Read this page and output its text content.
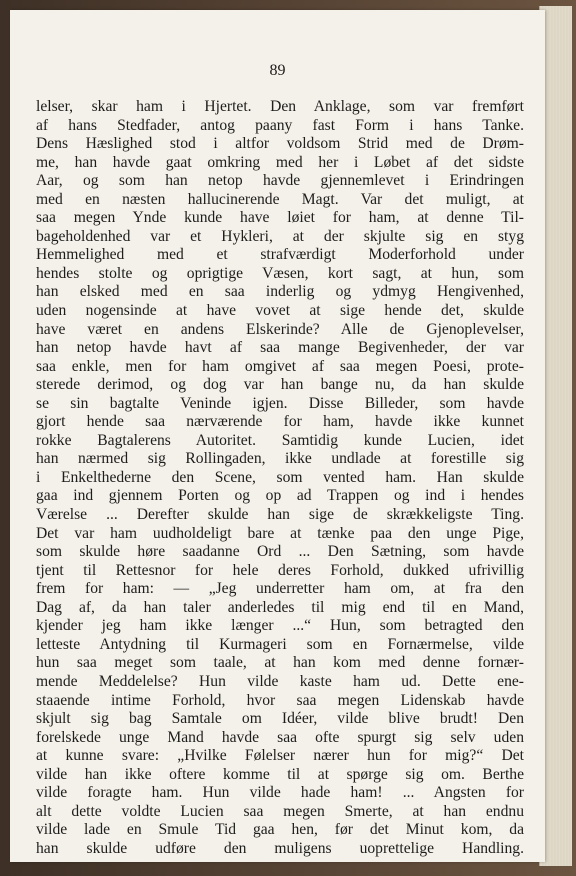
89

lelser, skar ham i Hjertet. Den Anklage, som var fremført
af hans Stedfader, antog paany fast Form i hans Tanke.
Dens Hæslighed stod i altfor voldsom Strid med de Drøm-
me, han havde gaat omkring med her i Løbet af det sidste
Aar, og som han netop havde gjennemlevet i Erindringen
med en næsten hallucinerende Magt. Var det muligt, at
saa megen Ynde kunde have løiet for ham, at denne Til-
bageholdenhed var et Hykleri, at der skjulte sig en styg
Hemmelighed med et strafværdigt Moderforhold under
hendes stolte og oprigtige Væsen, kort sagt, at hun, som
han elsked med en saa inderlig og ydmyg Hengivenhed,
uden nogensinde at have vovet at sige hende det, skulde
have været en andens Elskerinde? Alle de Gjenoplevelser,
han netop havde havt af saa mange Begivenheder, der var
saa enkle, men for ham omgivet af saa megen Poesi, prote-
sterede derimod, og dog var han bange nu, da han skulde
se sin bagtalte Veninde igjen. Disse Billeder, som havde
gjort hende saa nærværende for ham, havde ikke kunnet
rokke Bagtalerens Autoritet. Samtidig kunde Lucien, idet
han nærmed sig Rollingaden, ikke undlade at forestille sig
i Enkelthederne den Scene, som vented ham. Han skulde
gaa ind gjennem Porten og op ad Trappen og ind i hendes
Værelse ... Derefter skulde han sige de skrækkeligste Ting.
Det var ham uudholdeligt bare at tænke paa den unge Pige,
som skulde høre saadanne Ord ... Den Sætning, som havde
tjent til Rettesnor for hele deres Forhold, dukked ufrivillig
frem for ham: — „Jeg underretter ham om, at fra den
Dag af, da han taler anderledes til mig end til en Mand,
kjender jeg ham ikke længer ...“ Hun, som betragted den
letteste Antydning til Kurmageri som en Fornærmelse, vilde
hun saa meget som taale, at han kom med denne fornær-
mende Meddelelse? Hun vilde kaste ham ud. Dette ene-
staaende intime Forhold, hvor saa megen Lidenskab havde
skjult sig bag Samtale om Idéer, vilde blive brudt! Den
forelskede unge Mand havde saa ofte spurgt sig selv uden
at kunne svare: „Hvilke Følelser nærer hun for mig?“ Det
vilde han ikke oftere komme til at spørge sig om. Berthe
vilde foragte ham. Hun vilde hade ham! ... Angsten for
alt dette voldte Lucien saa megen Smerte, at han endnu
vilde lade en Smule Tid gaa hen, før det Minut kom, da
han skulde udføre den muligens uoprettelige Handling.
